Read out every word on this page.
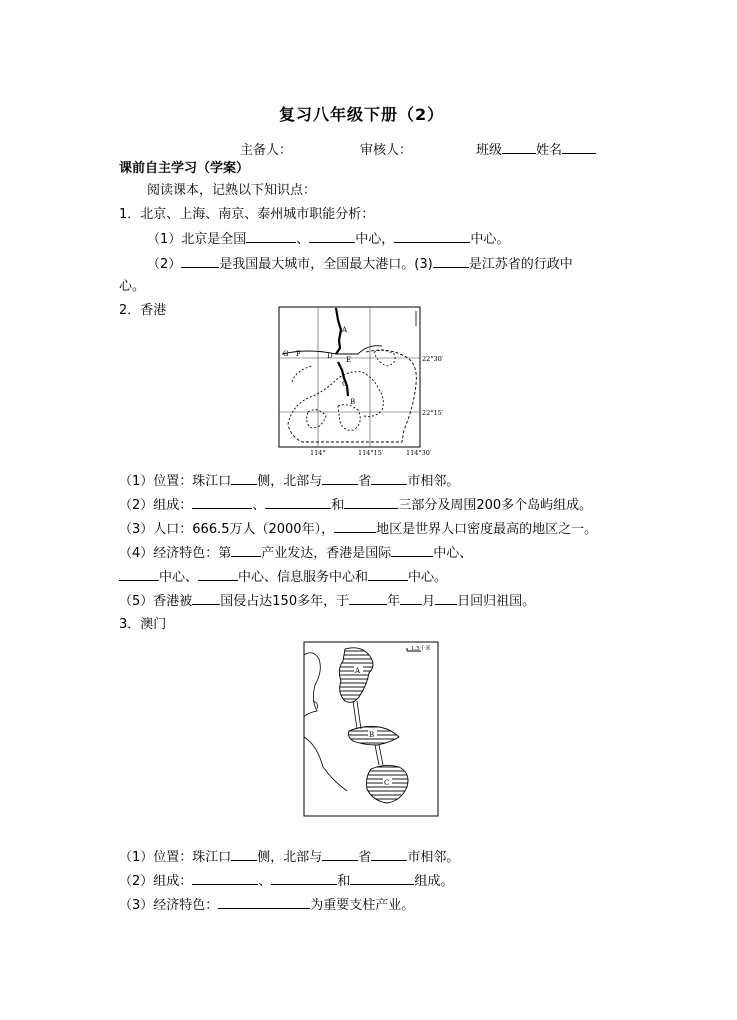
复习八年级下册（2）
主备人：	审核人：	班级	姓名
课前自主学习（学案）
阅读课本，记熟以下知识点：
1．北京、上海、南京、泰州城市职能分析：
（1）北京是全国	、	中心，	中心。
（2）	是我国最大城市，全国最大港口。(3)	是江苏省的行政中
心。
2．香港
A
B
C
D E
F
G
22°30′
22°15′
114°	114°15′	114°30′
（1）位置：珠江口 侧，北部与	省	市相邻。
（2）组成：	、	和	三部分及周围200多个岛屿组成。
（3）人口：666.5万人（2000年），	地区是世界人口密度最高的地区之一。
（4）经济特色：第 产业发达，香港是国际	中心、
中心、	中心、信息服务中心和	中心。
（5）香港被 国侵占达150多年，于	年 月 日回归祖国。
3．澳门
1.5千米
A
B
C
（1）位置：珠江口 侧，北部与	省	市相邻。
（2）组成：	、	和	组成。
（3）经济特色：	为重要支柱产业。
